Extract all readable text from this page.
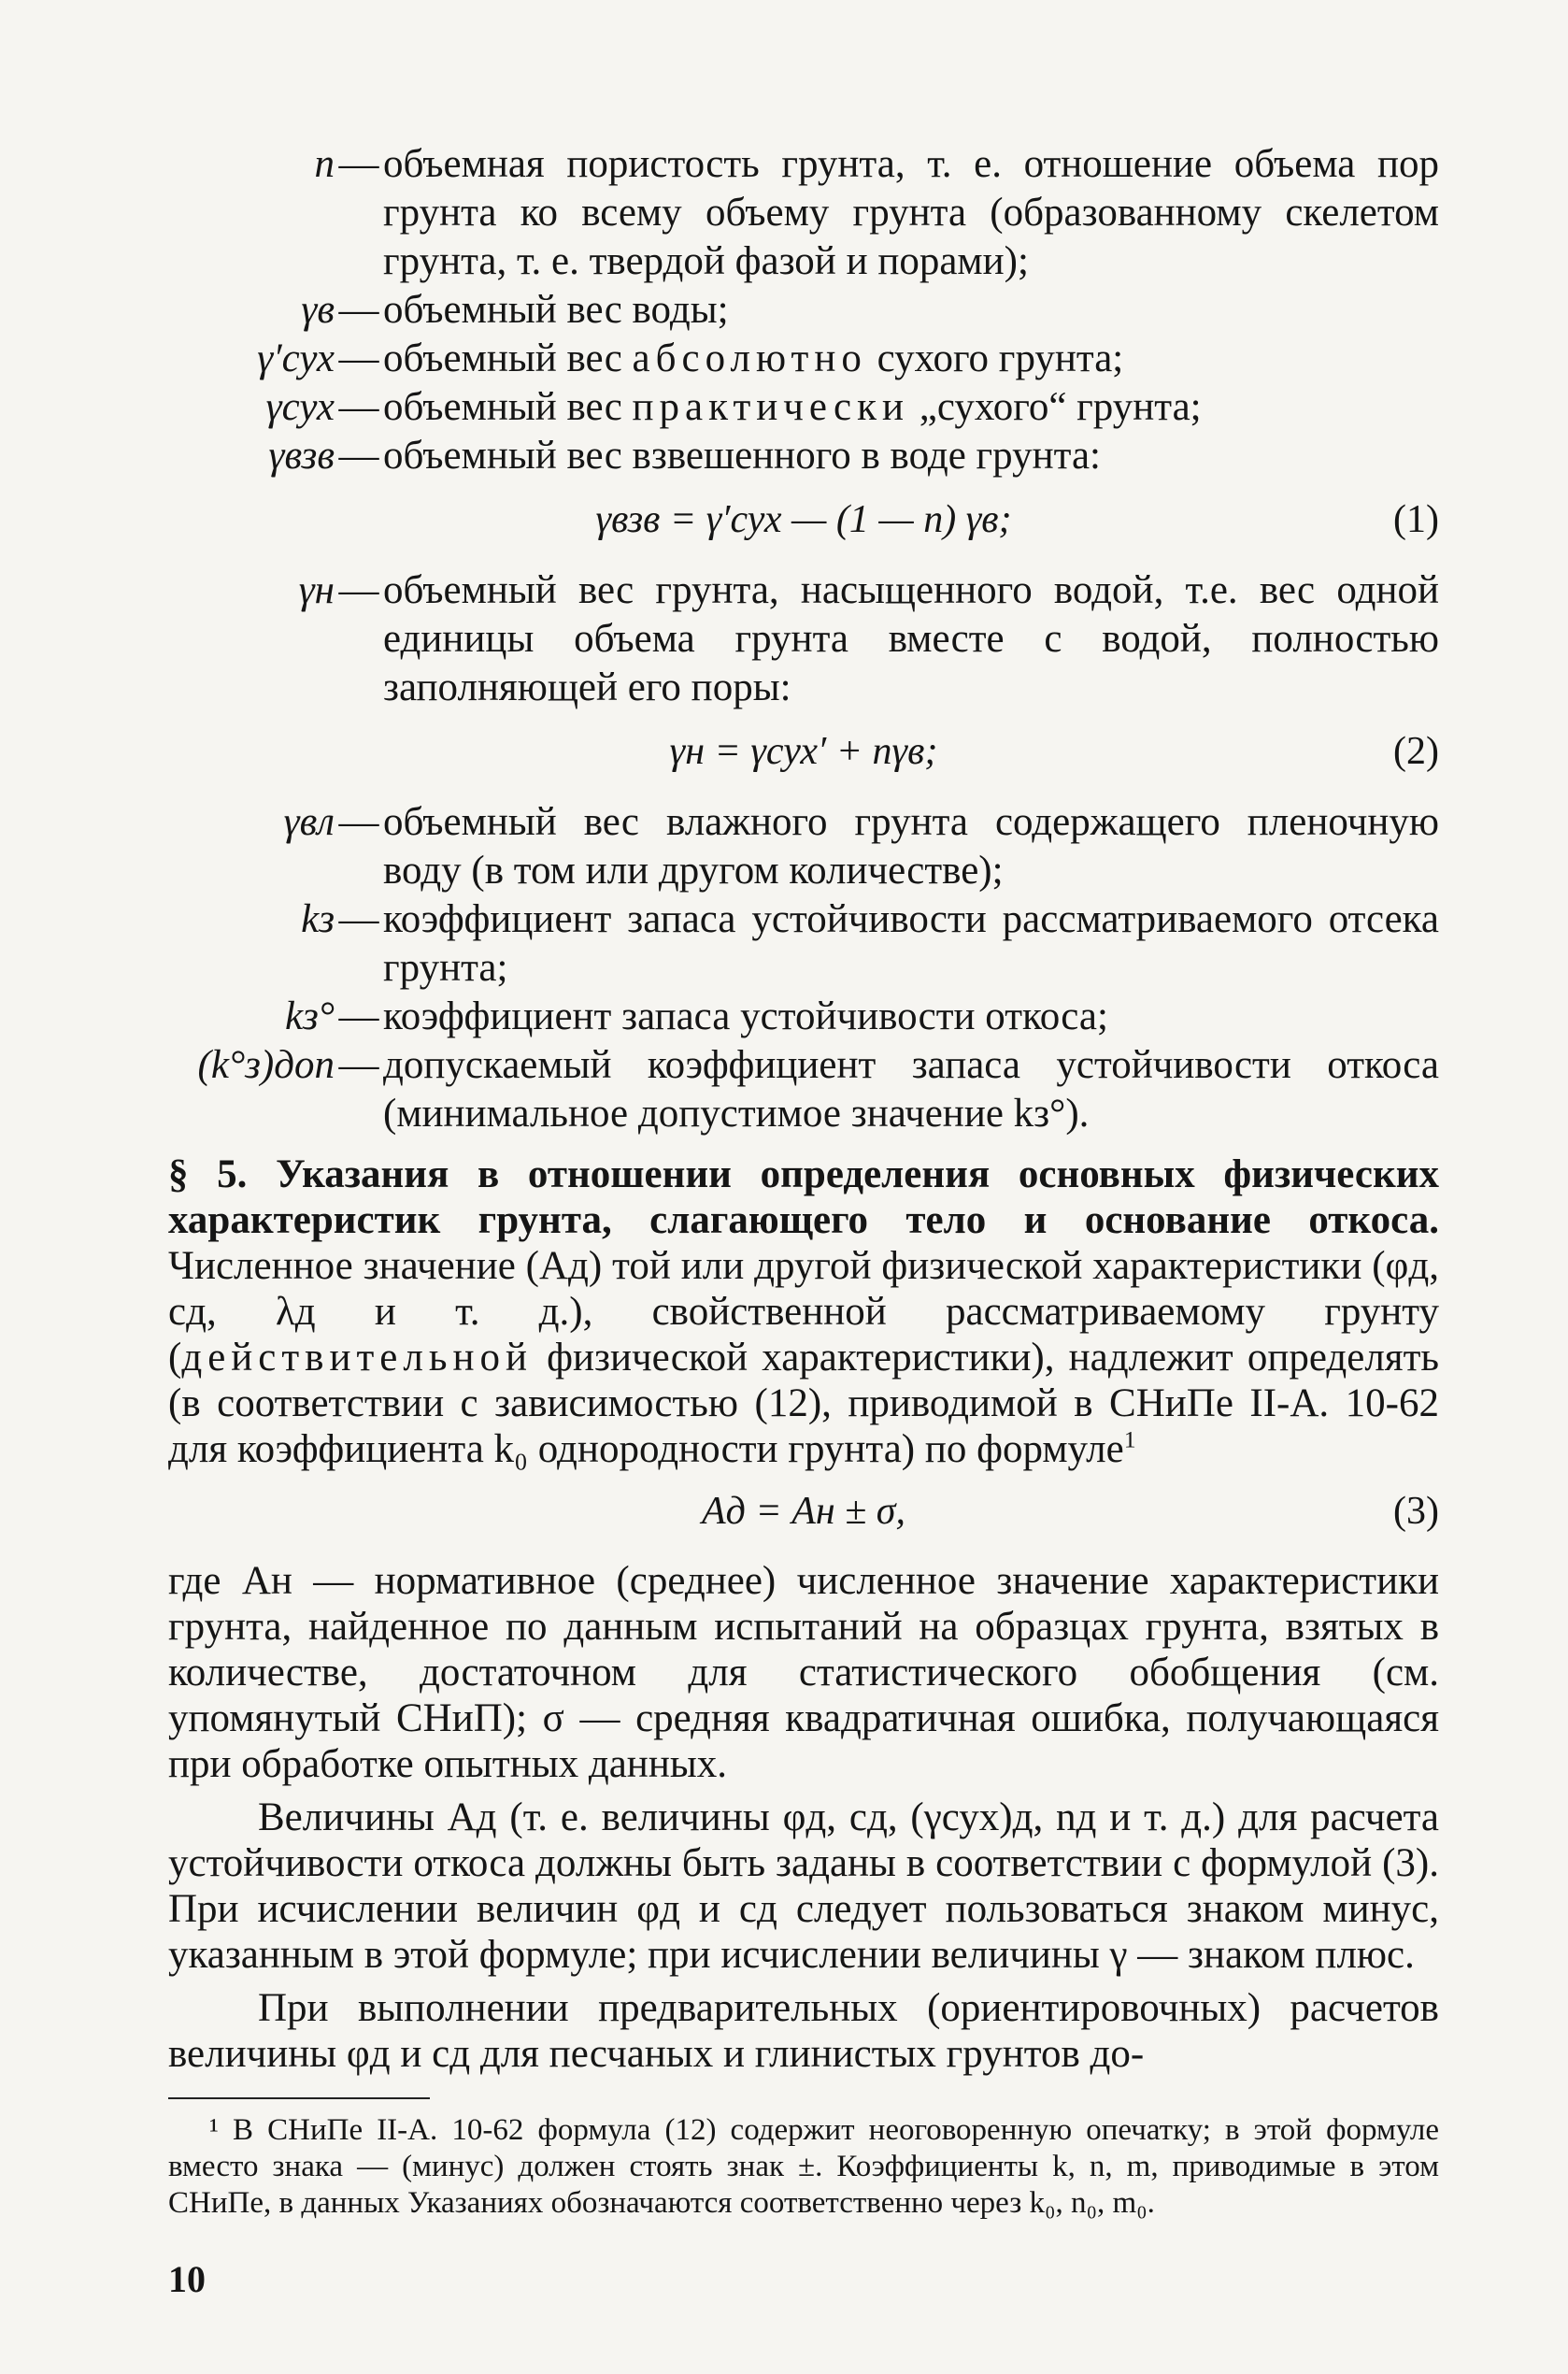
n — объемная пористость грунта, т. е. отношение объема пор грунта ко всему объему грунта (образованному скелетом грунта, т. е. твердой фазой и порами);
γв — объемный вес воды;
γ′сух — объемный вес абсолютно сухого грунта;
γсух — объемный вес практически „сухого“ грунта;
γвзв — объемный вес взвешенного в воде грунта:
γвзв = γ′сух — (1 — n) γв;	(1)
γн — объемный вес грунта, насыщенного водой, т.е. вес одной единицы объема грунта вместе с водой, полностью заполняющей его поры:
γн = γсух′ + nγв;	(2)
γвл — объемный вес влажного грунта содержащего пленочную воду (в том или другом количестве);
kз — коэффициент запаса устойчивости рассматриваемого отсека грунта;
kз° — коэффициент запаса устойчивости откоса;
(k°з)доп — допускаемый коэффициент запаса устойчивости откоса (минимальное допустимое значение kз°).

§ 5. Указания в отношении определения основных физических характеристик грунта, слагающего тело и основание откоса. Численное значение (Aд) той или другой физической характеристики (φд, cд, λд и т. д.), свойственной рассматриваемому грунту (действительной физической характеристики), надлежит определять (в соответствии с зависимостью (12), приводимой в СНиПе II-А. 10-62 для коэффициента k₀ однородности грунта) по формуле$^1$

Aд = Aн ± σ,	(3)

где Aн — нормативное (среднее) численное значение характеристики грунта, найденное по данным испытаний на образцах грунта, взятых в количестве, достаточном для статистического обобщения (см. упомянутый СНиП); σ — средняя квадратичная ошибка, получающаяся при обработке опытных данных.

Величины Aд (т. е. величины φд, cд, (γсух)д, nд и т. д.) для расчета устойчивости откоса должны быть заданы в соответствии с формулой (3). При исчислении величин φд и cд следует пользоваться знаком минус, указанным в этой формуле; при исчислении величины γ — знаком плюс.

При выполнении предварительных (ориентировочных) расчетов величины φд и cд для песчаных и глинистых грунтов до-

¹ В СНиПе II-А. 10-62 формула (12) содержит неоговоренную опечатку; в этой формуле вместо знака — (минус) должен стоять знак ±. Коэффициенты k, n, m, приводимые в этом СНиПе, в данных Указаниях обозначаются соответственно через k₀, n₀, m₀.

10
